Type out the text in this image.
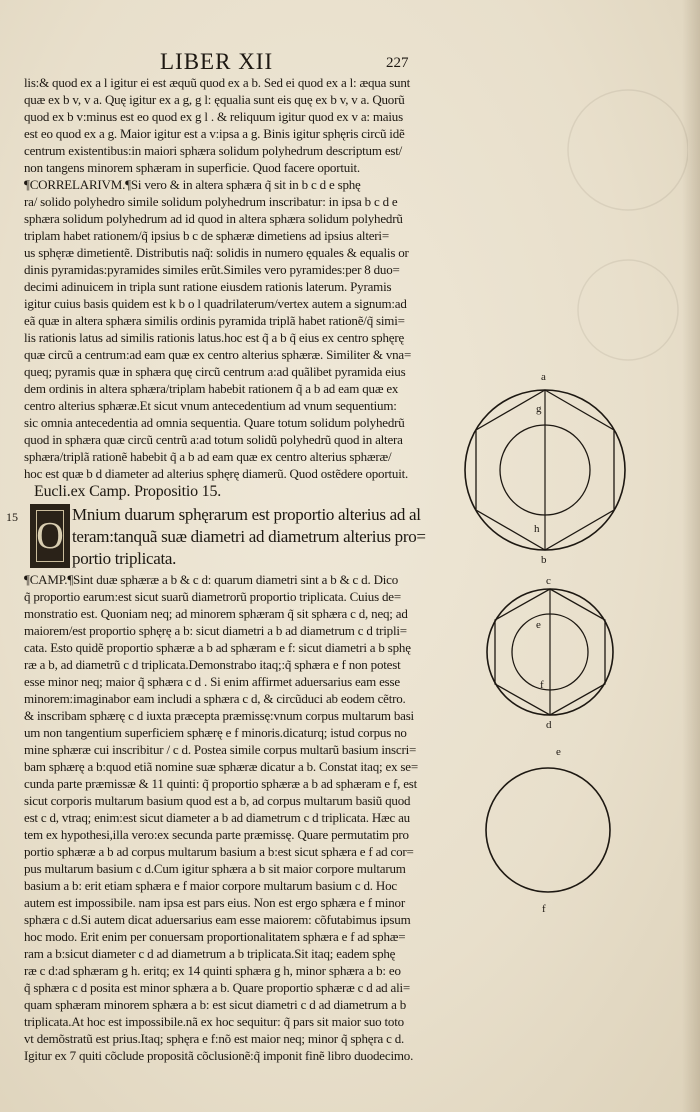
LIBER XII	227
lis:& quod ex a l igitur ei est æquũ quod ex a b. Sed ei quod ex a l: æqua sunt
quæ ex b v, v a. Quę igitur ex a g, g l: ęqualia sunt eis quę ex b v, v a. Quorũ
quod ex b v:minus est eo quod ex g l . & reliquum igitur quod ex v a: maius
est eo quod ex a g. Maior igitur est a v:ipsa a g. Binis igitur sphęris circũ idẽ
centrum existentibus:in maiori sphæra solidum polyhedrum descriptum est/
non tangens minorem sphæram in superficie. Quod facere oportuit.
¶CORRELARIVM.¶Si vero & in altera sphæra q̃ sit in b c d e sphę
ra/ solido polyhedro simile solidum polyhedrum inscribatur: in ipsa b c d e
sphæra solidum polyhedrum ad id quod in altera sphæra solidum polyhedrũ
triplam habet rationem/q̃ ipsius b c de sphæræ dimetiens ad ipsius alteri=
us sphęræ dimetientẽ. Distributis naq̃: solidis in numero ęquales & equalis or
dinis pyramidas:pyramides similes erũt.Similes vero pyramides:per 8 duo=
decimi adinuicem in tripla sunt ratione eiusdem rationis laterum. Pyramis
igitur cuius basis quidem est k b o l quadrilaterum/vertex autem a signum:ad
eã quæ in altera sphæra similis ordinis pyramida triplã habet rationẽ/q̃ simi=
lis rationis latus ad similis rationis latus.hoc est q̃ a b q̃ eius ex centro sphęrę
quæ circũ a centrum:ad eam quæ ex centro alterius sphæræ. Similiter & vna=
queq; pyramis quæ in sphæra quę circũ centrum a:ad quãlibet pyramida eius
dem ordinis in altera sphæra/triplam habebit rationem q̃ a b ad eam quæ ex
centro alterius sphæræ.Et sicut vnum antecedentium ad vnum sequentium:
sic omnia antecedentia ad omnia sequentia. Quare totum solidum polyhedrũ
quod in sphæra quæ circũ centrũ a:ad totum solidũ polyhedrũ quod in altera
sphæra/triplã rationẽ habebit q̃ a b ad eam quæ ex centro alterius sphæræ/
hoc est quæ b d diameter ad alterius sphęrę diamerũ. Quod ostẽdere oportuit.
Eucli.ex Camp. Propositio 15.
15 O
Mnium duarum sphęrarum est proportio alterius ad al
teram:tanquã suæ diametri ad diametrum alterius pro=
portio triplicata.
¶CAMP.¶Sint duæ sphæræ a b & c d: quarum diametri sint a b & c d. Dico
q̃ proportio earum:est sicut suarũ diametrorũ proportio triplicata. Cuius de=
monstratio est. Quoniam neq; ad minorem sphæram q̃ sit sphæra c d, neq; ad
maiorem/est proportio sphęrę a b: sicut diametri a b ad diametrum c d tripli=
cata. Esto quidẽ proportio sphæræ a b ad sphæram e f: sicut diametri a b sphę
ræ a b, ad diametrũ c d triplicata.Demonstrabo itaq;:q̃ sphæra e f non potest
esse minor neq; maior q̃ sphæra c d . Si enim affirmet aduersarius eam esse
minorem:imaginabor eam includi a sphæra c d, & circũduci ab eodem cẽtro.
& inscribam sphærę c d iuxta præcepta præmissę:vnum corpus multarum basi
um non tangentium superficiem sphærę e f minoris.dicaturq; istud corpus no
mine sphæræ cui inscribitur / c d. Postea simile corpus multarũ basium inscri=
bam sphærę a b:quod etiã nomine suæ sphæræ dicatur a b. Constat itaq; ex se=
cunda parte præmissæ & 11 quinti: q̃ proportio sphæræ a b ad sphæram e f, est
sicut corporis multarum basium quod est a b, ad corpus multarum basiũ quod
est c d, vtraq; enim:est sicut diameter a b ad diametrum c d triplicata. Hæc au
tem ex hypothesi,illa vero:ex secunda parte præmissę. Quare permutatim pro
portio sphæræ a b ad corpus multarum basium a b:est sicut sphæra e f ad cor=
pus multarum basium c d.Cum igitur sphæra a b sit maior corpore multarum
basium a b: erit etiam sphæra e f maior corpore multarum basium c d. Hoc
autem est impossibile. nam ipsa est pars eius. Non est ergo sphæra e f minor
sphæra c d.Si autem dicat aduersarius eam esse maiorem: cõfutabimus ipsum
hoc modo. Erit enim per conuersam proportionalitatem sphæra e f ad sphæ=
ram a b:sicut diameter c d ad diametrum a b triplicata.Sit itaq; eadem sphę
ræ c d:ad sphæram g h. eritq; ex 14 quinti sphæra g h, minor sphæra a b: eo
q̃ sphæra c d posita est minor sphæra a b. Quare proportio sphæræ c d ad ali=
quam sphæram minorem sphæra a b: est sicut diametri c d ad diametrum a b
triplicata.At hoc est impossibile.nã ex hoc sequitur: q̃ pars sit maior suo toto
vt demõstratũ est prius.Itaq; sphęra e f:nõ est maior neq; minor q̃ sphęra c d.
Igitur ex 7 quiti cõclude propositã cõclusionẽ:q̃ imponit finẽ libro duodecimo.
a
g
h
b
c
e
f
d
e
f
